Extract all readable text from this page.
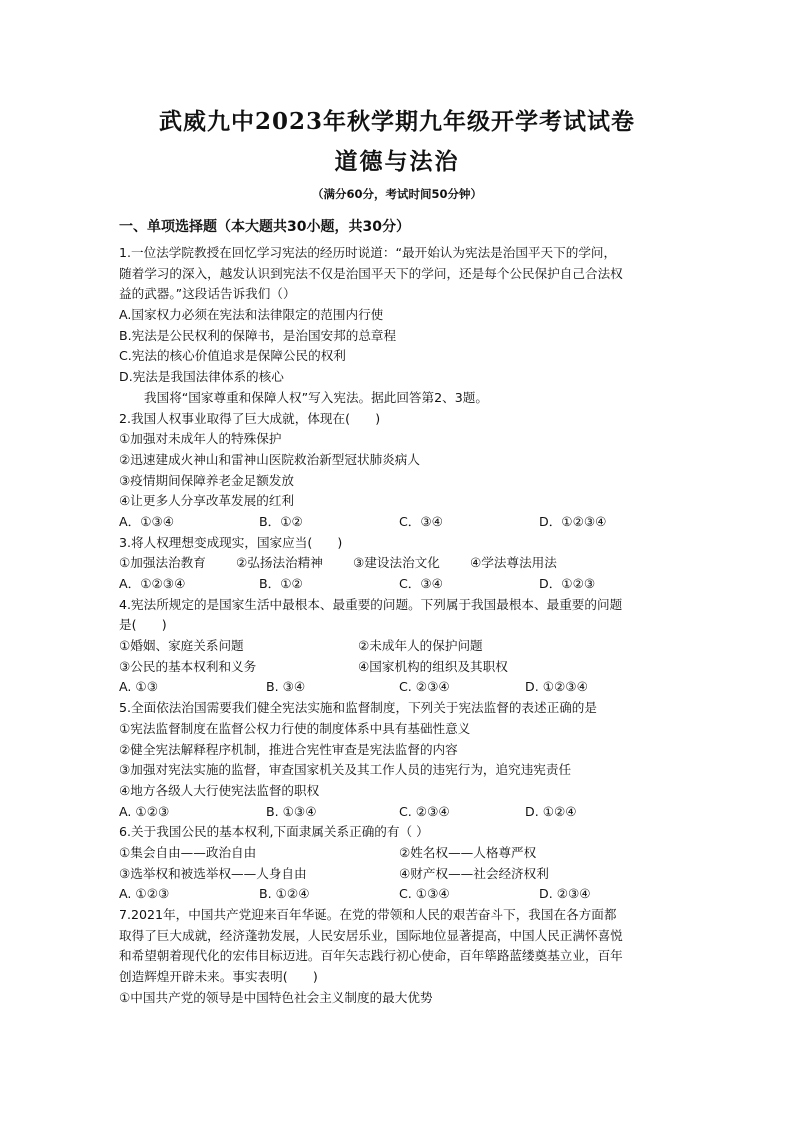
武威九中2023年秋学期九年级开学考试试卷
道德与法治
（满分60分，考试时间50分钟）
一、单项选择题（本大题共30小题，共30分）
1.一位法学院教授在回忆学习宪法的经历时说道：“最开始认为宪法是治国平天下的学问，
随着学习的深入，越发认识到宪法不仅是治国平天下的学问，还是每个公民保护自己合法权
益的武器。”这段话告诉我们（）
A.国家权力必须在宪法和法律限定的范围内行使
B.宪法是公民权利的保障书，是治国安邦的总章程
C.宪法的核心价值追求是保障公民的权利
D.宪法是我国法律体系的核心
我国将“国家尊重和保障人权”写入宪法。据此回答第2、3题。
2.我国人权事业取得了巨大成就，体现在(　　)
①加强对未成年人的特殊保护
②迅速建成火神山和雷神山医院救治新型冠状肺炎病人
③疫情期间保障养老金足额发放
④让更多人分享改革发展的红利
A．①③④	B．①②	C．③④	D．①②③④
3.将人权理想变成现实，国家应当(　　)
①加强法治教育	②弘扬法治精神	③建设法治文化	④学法尊法用法
A．①②③④	B．①②	C．③④	D．①②③
4.宪法所规定的是国家生活中最根本、最重要的问题。下列属于我国最根本、最重要的问题
是(　　)
①婚姻、家庭关系问题	②未成年人的保护问题
③公民的基本权利和义务	④国家机构的组织及其职权
A. ①③	B. ③④	C. ②③④	D. ①②③④
5.全面依法治国需要我们健全宪法实施和监督制度，下列关于宪法监督的表述正确的是
①宪法监督制度在监督公权力行使的制度体系中具有基础性意义
②健全宪法解释程序机制，推进合宪性审查是宪法监督的内容
③加强对宪法实施的监督，审查国家机关及其工作人员的违宪行为，追究违宪责任
④地方各级人大行使宪法监督的职权
A. ①②③	B. ①③④	C. ②③④	D. ①②④
6.关于我国公民的基本权利,下面隶属关系正确的有（ ）
①集会自由——政治自由	②姓名权——人格尊严权
③选举权和被选举权——人身自由	④财产权——社会经济权利
A. ①②③	B. ①②④	C. ①③④	D. ②③④
7.2021年，中国共产党迎来百年华诞。在党的带领和人民的艰苦奋斗下，我国在各方面都
取得了巨大成就，经济蓬勃发展，人民安居乐业，国际地位显著提高，中国人民正满怀喜悦
和希望朝着现代化的宏伟目标迈进。百年矢志践行初心使命，百年筚路蓝缕奠基立业，百年
创造辉煌开辟未来。事实表明(　　)
①中国共产党的领导是中国特色社会主义制度的最大优势
